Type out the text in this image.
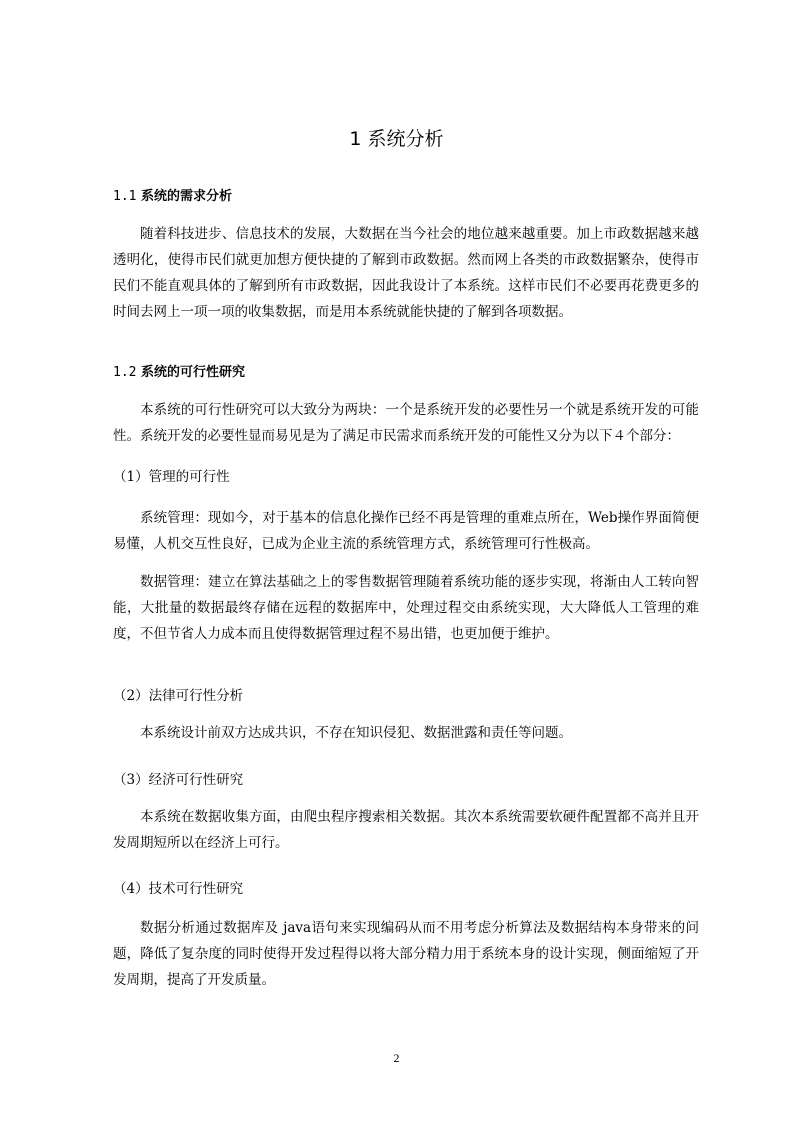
1 系统分析
1.1 系统的需求分析

随着科技进步、信息技术的发展，大数据在当今社会的地位越来越重要。加上市政数据越来越透明化，使得市民们就更加想方便快捷的了解到市政数据。然而网上各类的市政数据繁杂，使得市民们不能直观具体的了解到所有市政数据，因此我设计了本系统。这样市民们不必要再花费更多的时间去网上一项一项的收集数据，而是用本系统就能快捷的了解到各项数据。

1.2 系统的可行性研究

本系统的可行性研究可以大致分为两块：一个是系统开发的必要性另一个就是系统开发的可能性。系统开发的必要性显而易见是为了满足市民需求而系统开发的可能性又分为以下４个部分：

（1）管理的可行性

系统管理：现如今，对于基本的信息化操作已经不再是管理的重难点所在，Web操作界面简便易懂，人机交互性良好，已成为企业主流的系统管理方式，系统管理可行性极高。

数据管理：建立在算法基础之上的零售数据管理随着系统功能的逐步实现，将渐由人工转向智能，大批量的数据最终存储在远程的数据库中，处理过程交由系统实现，大大降低人工管理的难度，不但节省人力成本而且使得数据管理过程不易出错，也更加便于维护。

（2）法律可行性分析

本系统设计前双方达成共识，不存在知识侵犯、数据泄露和责任等问题。

（3）经济可行性研究

本系统在数据收集方面，由爬虫程序搜索相关数据。其次本系统需要软硬件配置都不高并且开发周期短所以在经济上可行。

（4）技术可行性研究

数据分析通过数据库及 java语句来实现编码从而不用考虑分析算法及数据结构本身带来的问题，降低了复杂度的同时使得开发过程得以将大部分精力用于系统本身的设计实现，侧面缩短了开发周期，提高了开发质量。

2
